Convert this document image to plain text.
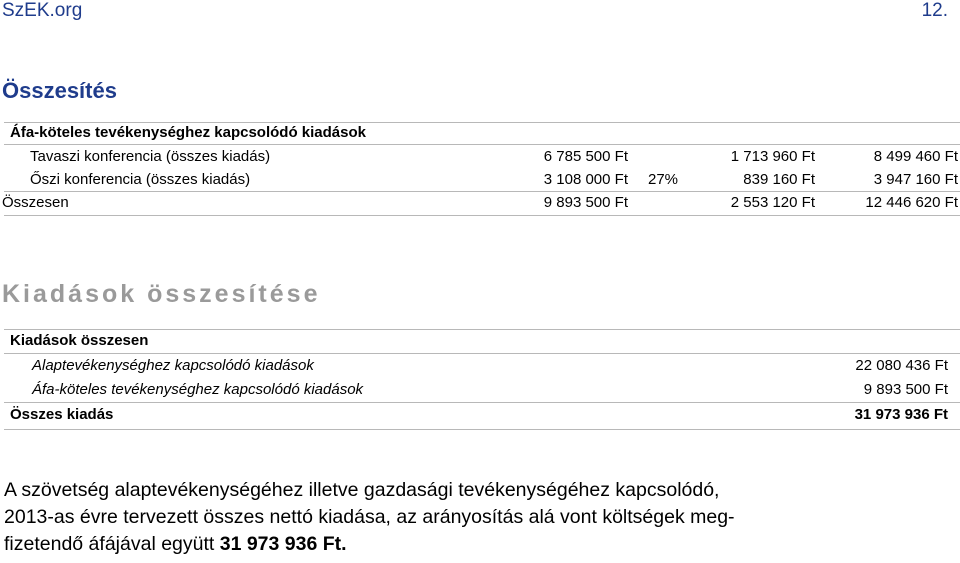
SzEK.org	12.
Összesítés
Áfa-köteles tevékenységhez kapcsolódó kiadások
Tavaszi konferencia (összes kiadás)	6 785 500 Ft	1 713 960 Ft	8 499 460 Ft
Őszi konferencia (összes kiadás)	3 108 000 Ft 27%	839 160 Ft	3 947 160 Ft
Összesen	9 893 500 Ft	2 553 120 Ft	12 446 620 Ft
Kiadások összesítése
Kiadások összesen
Alaptevékenységhez kapcsolódó kiadások	22 080 436 Ft
Áfa-köteles tevékenységhez kapcsolódó kiadások	9 893 500 Ft
Összes kiadás	31 973 936 Ft
A szövetség alaptevékenységéhez illetve gazdasági tevékenységéhez kapcsolódó,
2013-as évre tervezett összes nettó kiadása, az arányosítás alá vont költségek meg-
fizetendő áfájával együtt 31 973 936 Ft.
